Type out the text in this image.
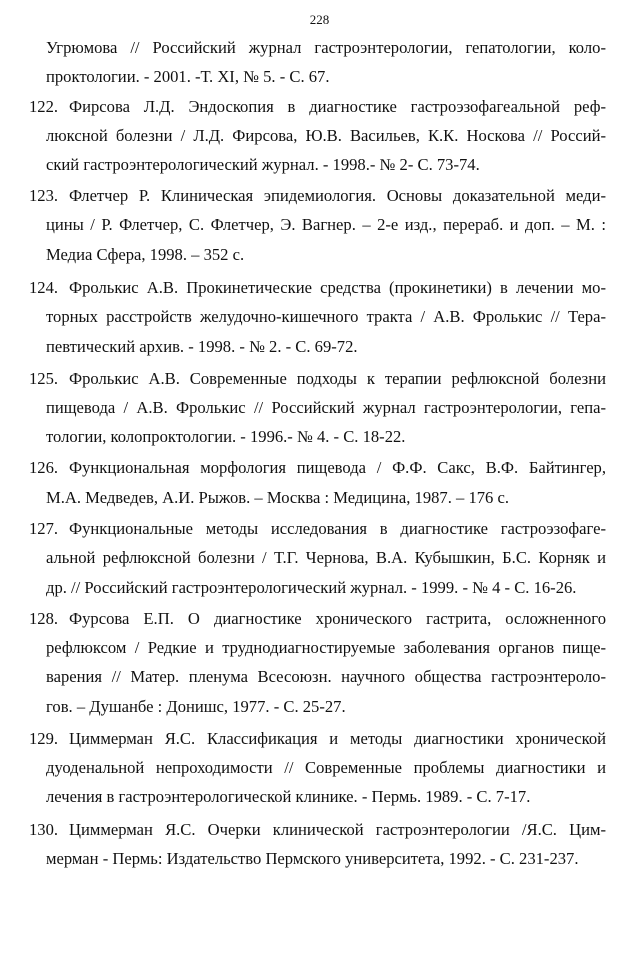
228
Угрюмова // Российский журнал гастроэнтерологии, гепатологии, коло-
проктологии. - 2001. -Т. XI, № 5. - С. 67.
122. Фирсова Л.Д. Эндоскопия в диагностике гастроэзофагеальной реф-
люксной болезни / Л.Д. Фирсова, Ю.В. Васильев, К.К. Носкова // Россий-
ский гастроэнтерологический журнал. - 1998.- № 2- С. 73-74.
123. Флетчер Р. Клиническая эпидемиология. Основы доказательной меди-
цины / Р. Флетчер, С. Флетчер, Э. Вагнер. – 2-е изд., перераб. и доп. – М. :
Медиа Сфера, 1998. – 352 с.
124. Фролькис А.В. Прокинетические средства (прокинетики) в лечении мо-
торных расстройств желудочно-кишечного тракта / А.В. Фролькис // Тера-
певтический архив. - 1998. - № 2. - С. 69-72.
125. Фролькис А.В. Современные подходы к терапии рефлюксной болезни
пищевода / А.В. Фролькис // Российский журнал гастроэнтерологии, гепа-
тологии, колопроктологии. - 1996.- № 4. - С. 18-22.
126. Функциональная морфология пищевода / Ф.Ф. Сакс, В.Ф. Байтингер,
М.А. Медведев, А.И. Рыжов. – Москва : Медицина, 1987. – 176 с.
127. Функциональные методы исследования в диагностике гастроэзофаге-
альной рефлюксной болезни / Т.Г. Чернова, В.А. Кубышкин, Б.С. Корняк и
др. // Российский гастроэнтерологический журнал. - 1999. - № 4 - С. 16-26.
128. Фурсова Е.П. О диагностике хронического гастрита, осложненного
рефлюксом / Редкие и труднодиагностируемые заболевания органов пище-
варения // Матер. пленума Всесоюзн. научного общества гастроэнтероло-
гов. – Душанбе : Донишс, 1977. - С. 25-27.
129. Циммерман Я.С. Классификация и методы диагностики хронической
дуоденальной непроходимости // Современные проблемы диагностики и
лечения в гастроэнтерологической клинике. - Пермь. 1989. - С. 7-17.
130. Циммерман Я.С. Очерки клинической гастроэнтерологии /Я.С. Цим-
мерман - Пермь: Издательство Пермского университета, 1992. - С. 231-237.
